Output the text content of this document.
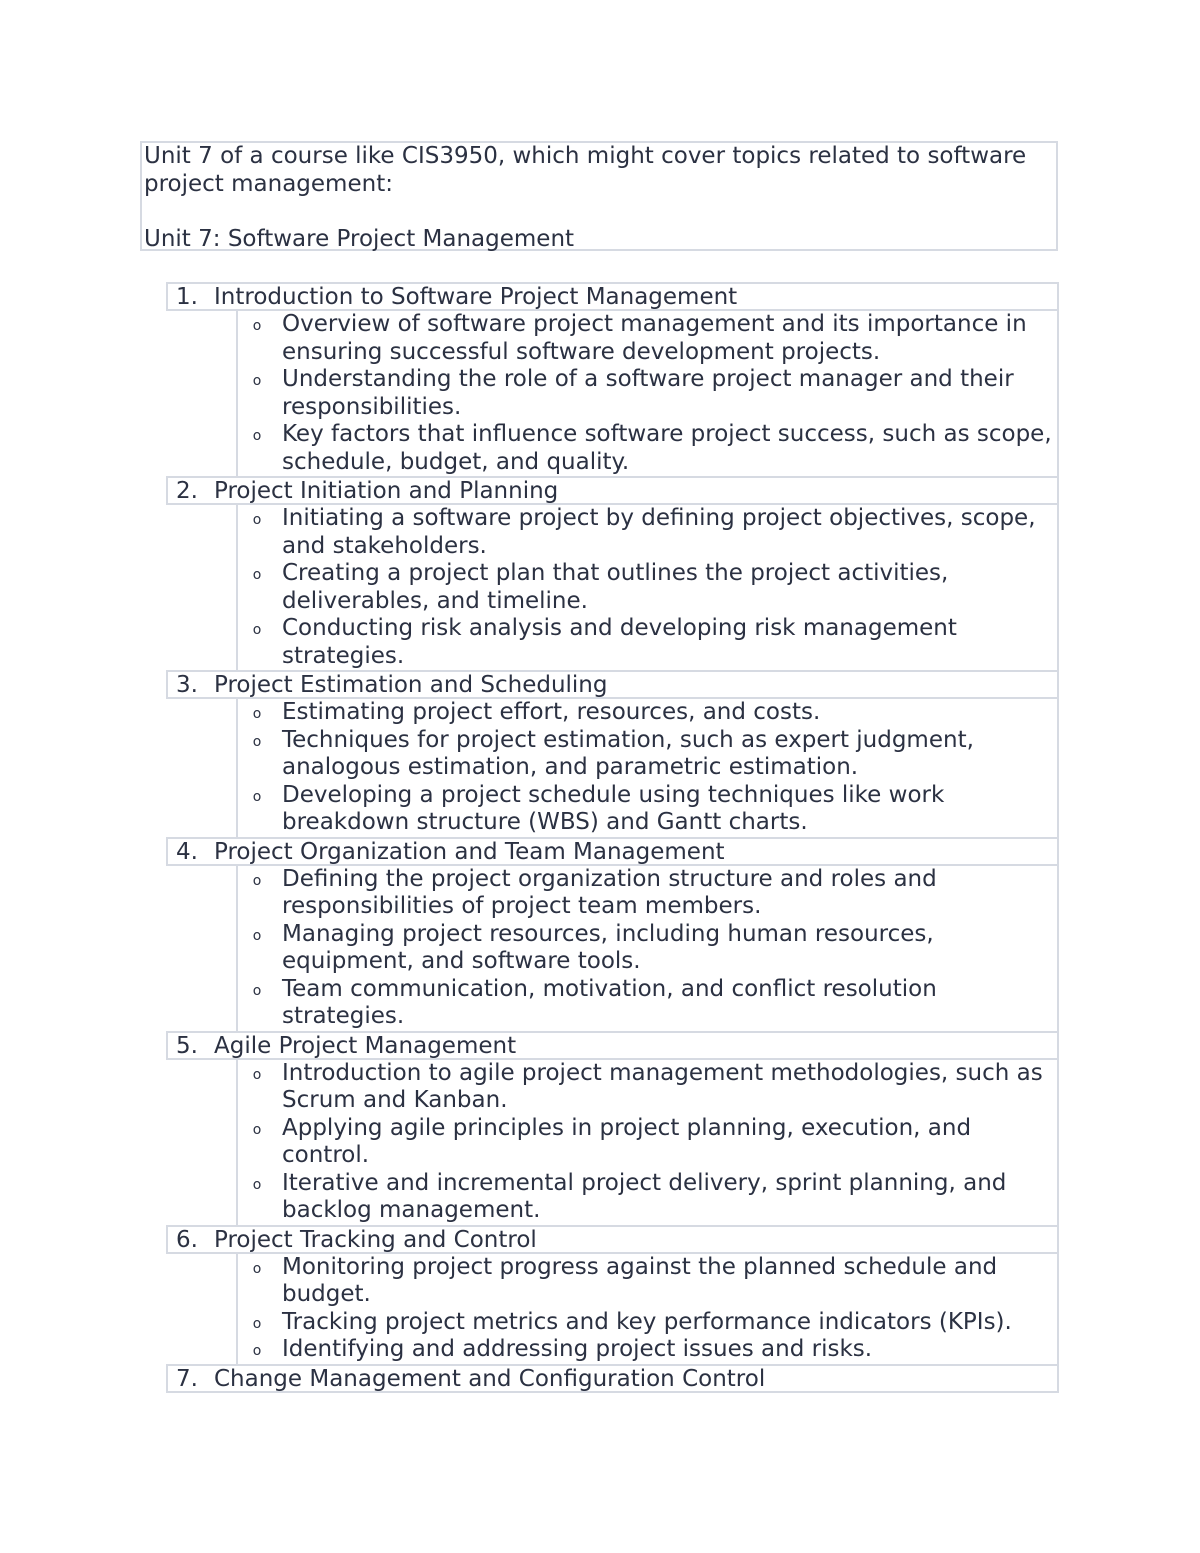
Unit 7 of a course like CIS3950, which might cover topics related to software project management:

Unit 7: Software Project Management

1. Introduction to Software Project Management
o Overview of software project management and its importance in ensuring successful software development projects.
o Understanding the role of a software project manager and their responsibilities.
o Key factors that influence software project success, such as scope, schedule, budget, and quality.
2. Project Initiation and Planning
o Initiating a software project by defining project objectives, scope, and stakeholders.
o Creating a project plan that outlines the project activities, deliverables, and timeline.
o Conducting risk analysis and developing risk management strategies.
3. Project Estimation and Scheduling
o Estimating project effort, resources, and costs.
o Techniques for project estimation, such as expert judgment, analogous estimation, and parametric estimation.
o Developing a project schedule using techniques like work breakdown structure (WBS) and Gantt charts.
4. Project Organization and Team Management
o Defining the project organization structure and roles and responsibilities of project team members.
o Managing project resources, including human resources, equipment, and software tools.
o Team communication, motivation, and conflict resolution strategies.
5. Agile Project Management
o Introduction to agile project management methodologies, such as Scrum and Kanban.
o Applying agile principles in project planning, execution, and control.
o Iterative and incremental project delivery, sprint planning, and backlog management.
6. Project Tracking and Control
o Monitoring project progress against the planned schedule and budget.
o Tracking project metrics and key performance indicators (KPIs).
o Identifying and addressing project issues and risks.
7. Change Management and Configuration Control
